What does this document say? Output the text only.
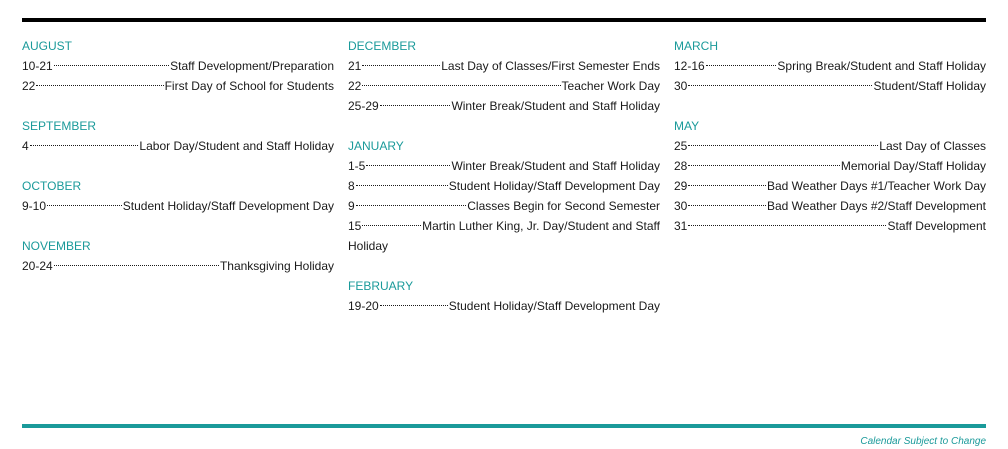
AUGUST
10-21	Staff Development/Preparation
22	First Day of School for Students
SEPTEMBER
4	Labor Day/Student and Staff Holiday
OCTOBER
9-10	Student Holiday/Staff Development Day
NOVEMBER
20-24	Thanksgiving Holiday
DECEMBER
21	Last Day of Classes/First Semester Ends
22	Teacher Work Day
25-29	Winter Break/Student and Staff Holiday
JANUARY
1-5	Winter Break/Student and Staff Holiday
8	Student Holiday/Staff Development Day
9	Classes Begin for Second Semester
15	Martin Luther King, Jr. Day/Student and Staff
Holiday
FEBRUARY
19-20	Student Holiday/Staff Development Day
MARCH
12-16	Spring Break/Student and Staff Holiday
30	Student/Staff Holiday
MAY
25	Last Day of Classes
28	Memorial Day/Staff Holiday
29	Bad Weather Days #1/Teacher Work Day
30	Bad Weather Days #2/Staff Development
31	Staff Development
Calendar Subject to Change
